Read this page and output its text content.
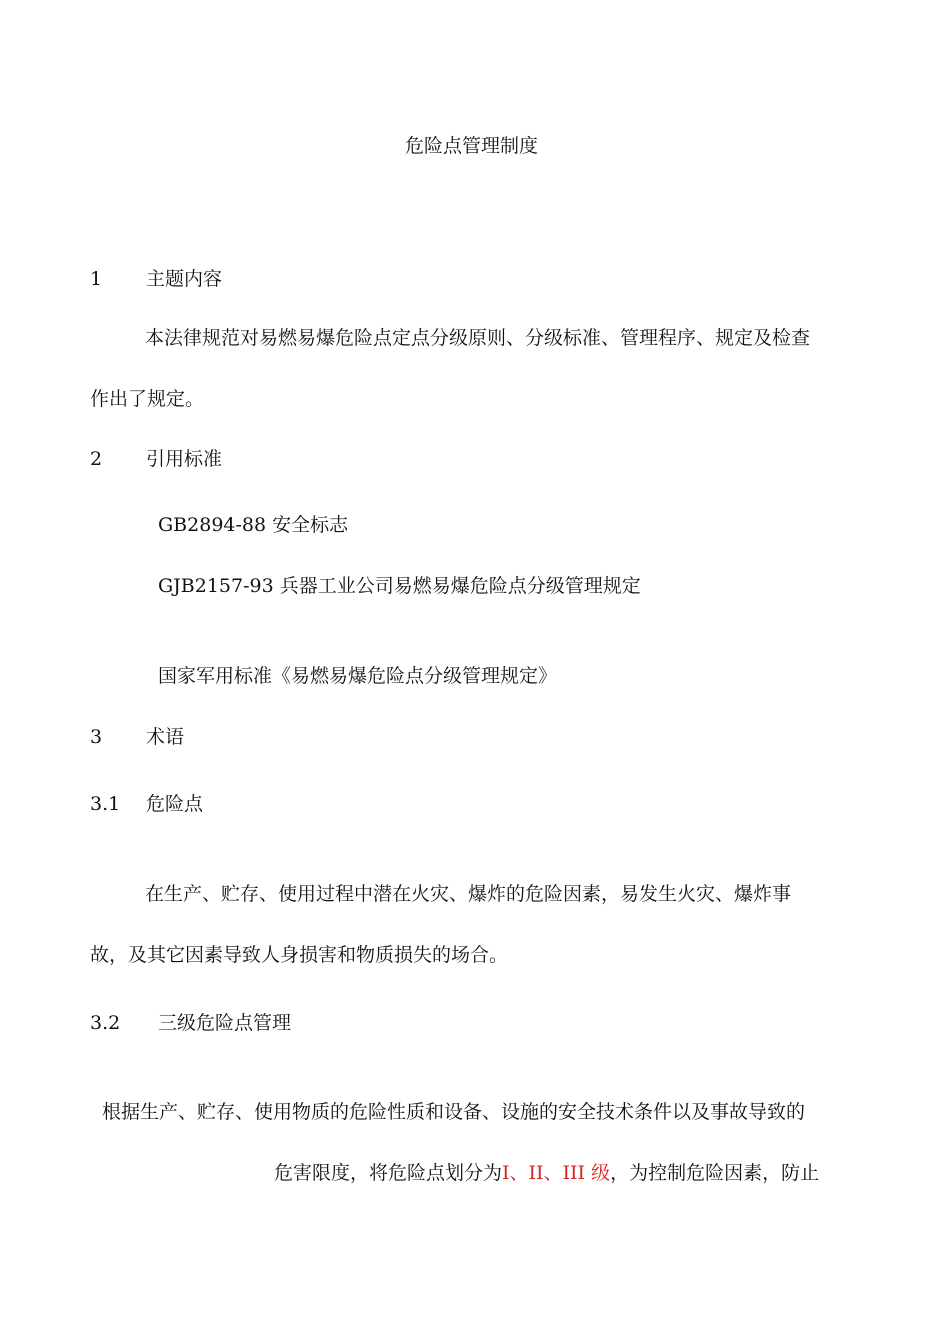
危险点管理制度
1 主题内容
本法律规范对易燃易爆危险点定点分级原则、分级标准、管理程序、规定及检查
作出了规定。
2 引用标准
GB2894-88 安全标志
GJB2157-93 兵器工业公司易燃易爆危险点分级管理规定
国家军用标准《易燃易爆危险点分级管理规定》
3 术语
3.1 危险点
在生产、贮存、使用过程中潜在火灾、爆炸的危险因素，易发生火灾、爆炸事
故，及其它因素导致人身损害和物质损失的场合。
3.2 三级危险点管理
根据生产、贮存、使用物质的危险性质和设备、设施的安全技术条件以及事故导致的
危害限度，将危险点划分为I、II、III 级，为控制危险因素，防止
